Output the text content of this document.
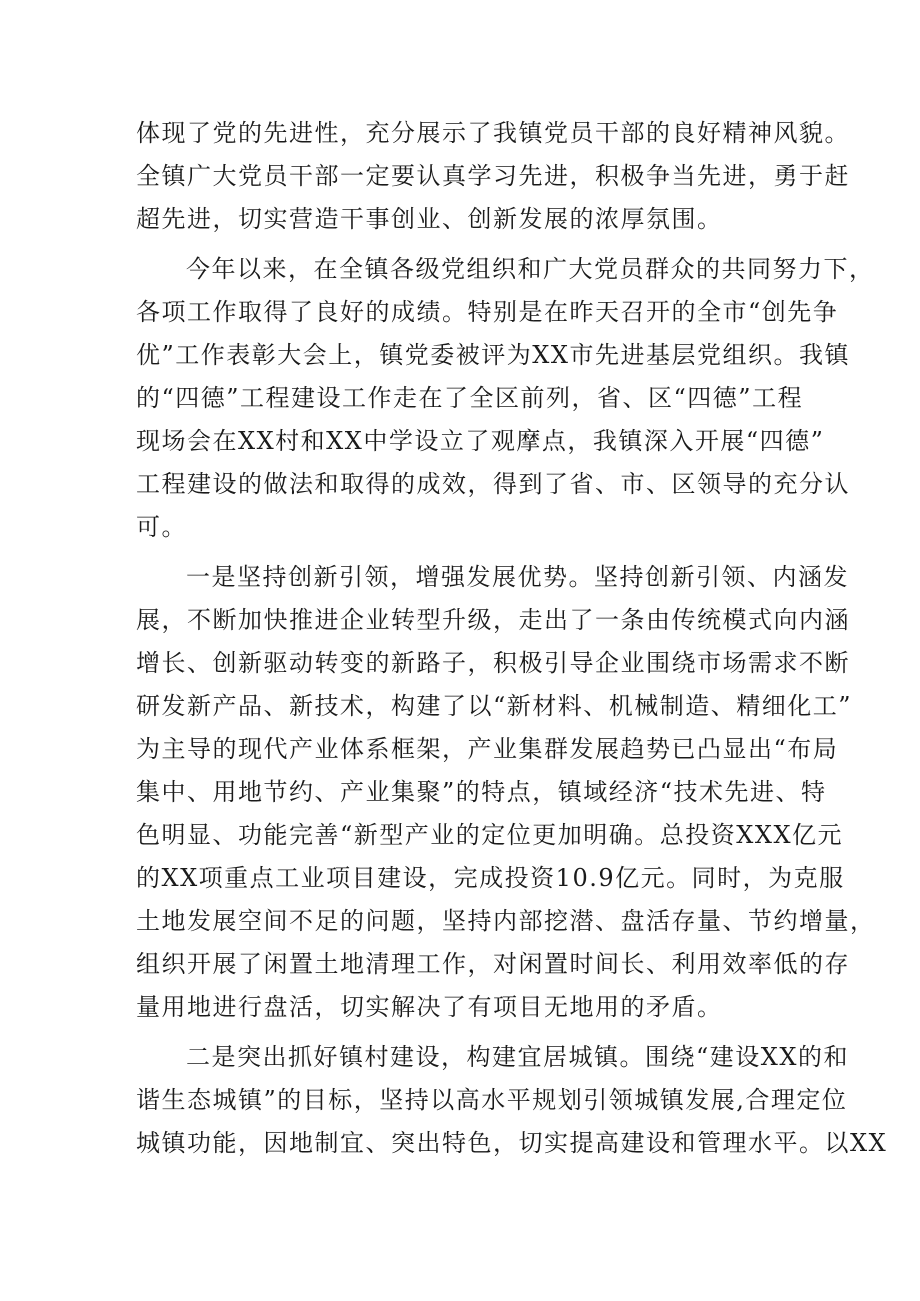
体现了党的先进性，充分展示了我镇党员干部的良好精神风貌。
全镇广大党员干部一定要认真学习先进，积极争当先进，勇于赶
超先进，切实营造干事创业、创新发展的浓厚氛围。
今年以来，在全镇各级党组织和广大党员群众的共同努力下，
各项工作取得了良好的成绩。特别是在昨天召开的全市“创先争
优”工作表彰大会上，镇党委被评为XX市先进基层党组织。我镇
的“四德”工程建设工作走在了全区前列，省、区“四德”工程
现场会在XX村和XX中学设立了观摩点，我镇深入开展“四德”
工程建设的做法和取得的成效，得到了省、市、区领导的充分认
可。
一是坚持创新引领，增强发展优势。坚持创新引领、内涵发
展，不断加快推进企业转型升级，走出了一条由传统模式向内涵
增长、创新驱动转变的新路子，积极引导企业围绕市场需求不断
研发新产品、新技术，构建了以“新材料、机械制造、精细化工”
为主导的现代产业体系框架，产业集群发展趋势已凸显出“布局
集中、用地节约、产业集聚”的特点，镇域经济“技术先进、特
色明显、功能完善“新型产业的定位更加明确。总投资XXX亿元
的XX项重点工业项目建设，完成投资10.9亿元。同时，为克服
土地发展空间不足的问题，坚持内部挖潜、盘活存量、节约增量，
组织开展了闲置土地清理工作，对闲置时间长、利用效率低的存
量用地进行盘活，切实解决了有项目无地用的矛盾。
二是突出抓好镇村建设，构建宜居城镇。围绕“建设XX的和
谐生态城镇”的目标，坚持以高水平规划引领城镇发展,合理定位
城镇功能，因地制宜、突出特色，切实提高建设和管理水平。以XX
